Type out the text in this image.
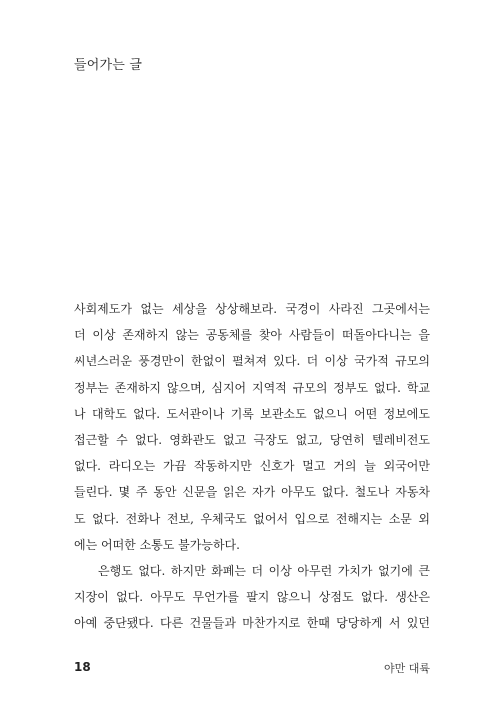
들어가는 글

사회제도가 없는 세상을 상상해보라. 국경이 사라진 그곳에서는
더 이상 존재하지 않는 공동체를 찾아 사람들이 떠돌아다니는 을
씨년스러운 풍경만이 한없이 펼쳐져 있다. 더 이상 국가적 규모의
정부는 존재하지 않으며, 심지어 지역적 규모의 정부도 없다. 학교
나 대학도 없다. 도서관이나 기록 보관소도 없으니 어떤 정보에도
접근할 수 없다. 영화관도 없고 극장도 없고, 당연히 텔레비전도
없다. 라디오는 가끔 작동하지만 신호가 멀고 거의 늘 외국어만
들린다. 몇 주 동안 신문을 읽은 자가 아무도 없다. 철도나 자동차
도 없다. 전화나 전보, 우체국도 없어서 입으로 전해지는 소문 외
에는 어떠한 소통도 불가능하다.

은행도 없다. 하지만 화폐는 더 이상 아무런 가치가 없기에 큰
지장이 없다. 아무도 무언가를 팔지 않으니 상점도 없다. 생산은
아예 중단됐다. 다른 건물들과 마찬가지로 한때 당당하게 서 있던

18	야만 대륙
